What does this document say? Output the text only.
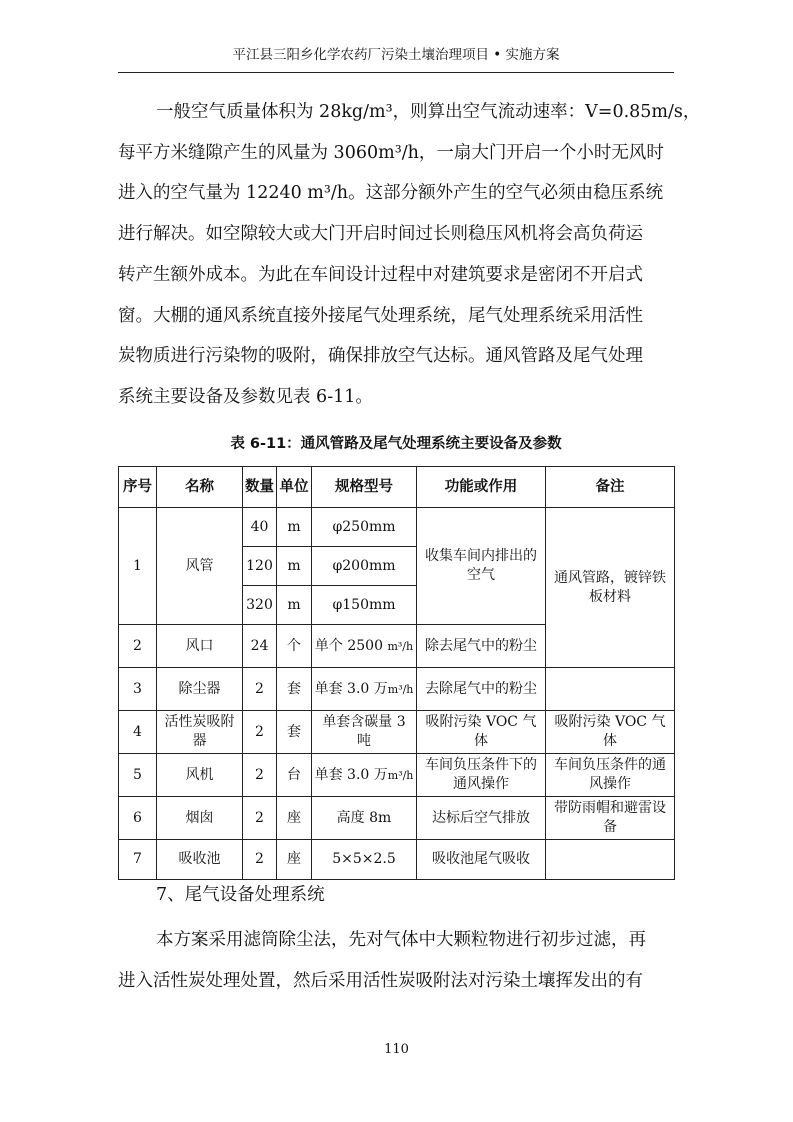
平江县三阳乡化学农药厂污染土壤治理项目 • 实施方案
一般空气质量体积为 28kg/m³，则算出空气流动速率：V=0.85m/s，
每平方米缝隙产生的风量为 3060m³/h，一扇大门开启一个小时无风时
进入的空气量为 12240 m³/h。这部分额外产生的空气必须由稳压系统
进行解决。如空隙较大或大门开启时间过长则稳压风机将会高负荷运
转产生额外成本。为此在车间设计过程中对建筑要求是密闭不开启式
窗。大棚的通风系统直接外接尾气处理系统，尾气处理系统采用活性
炭物质进行污染物的吸附，确保排放空气达标。通风管路及尾气处理
系统主要设备及参数见表 6-11。
表 6-11：通风管路及尾气处理系统主要设备及参数
序号	名称	数量	单位	规格型号	功能或作用	备注
1	风管	40	m	φ250mm	收集车间内排出的空气	通风管路，镀锌铁板材料
		120	m	φ200mm		
		320	m	φ150mm		
2	风口	24	个	单个 2500 m³/h	除去尾气中的粉尘	
3	除尘器	2	套	单套 3.0 万m³/h	去除尾气中的粉尘	
4	活性炭吸附器	2	套	单套含碳量 3 吨	吸附污染 VOC 气体	吸附污染 VOC 气体
5	风机	2	台	单套 3.0 万m³/h	车间负压条件下的通风操作	车间负压条件的通风操作
6	烟囱	2	座	高度 8m	达标后空气排放	带防雨帽和避雷设备
7	吸收池	2	座	5×5×2.5	吸收池尾气吸收	
7、尾气设备处理系统
本方案采用滤筒除尘法，先对气体中大颗粒物进行初步过滤，再
进入活性炭处理处置，然后采用活性炭吸附法对污染土壤挥发出的有
110
